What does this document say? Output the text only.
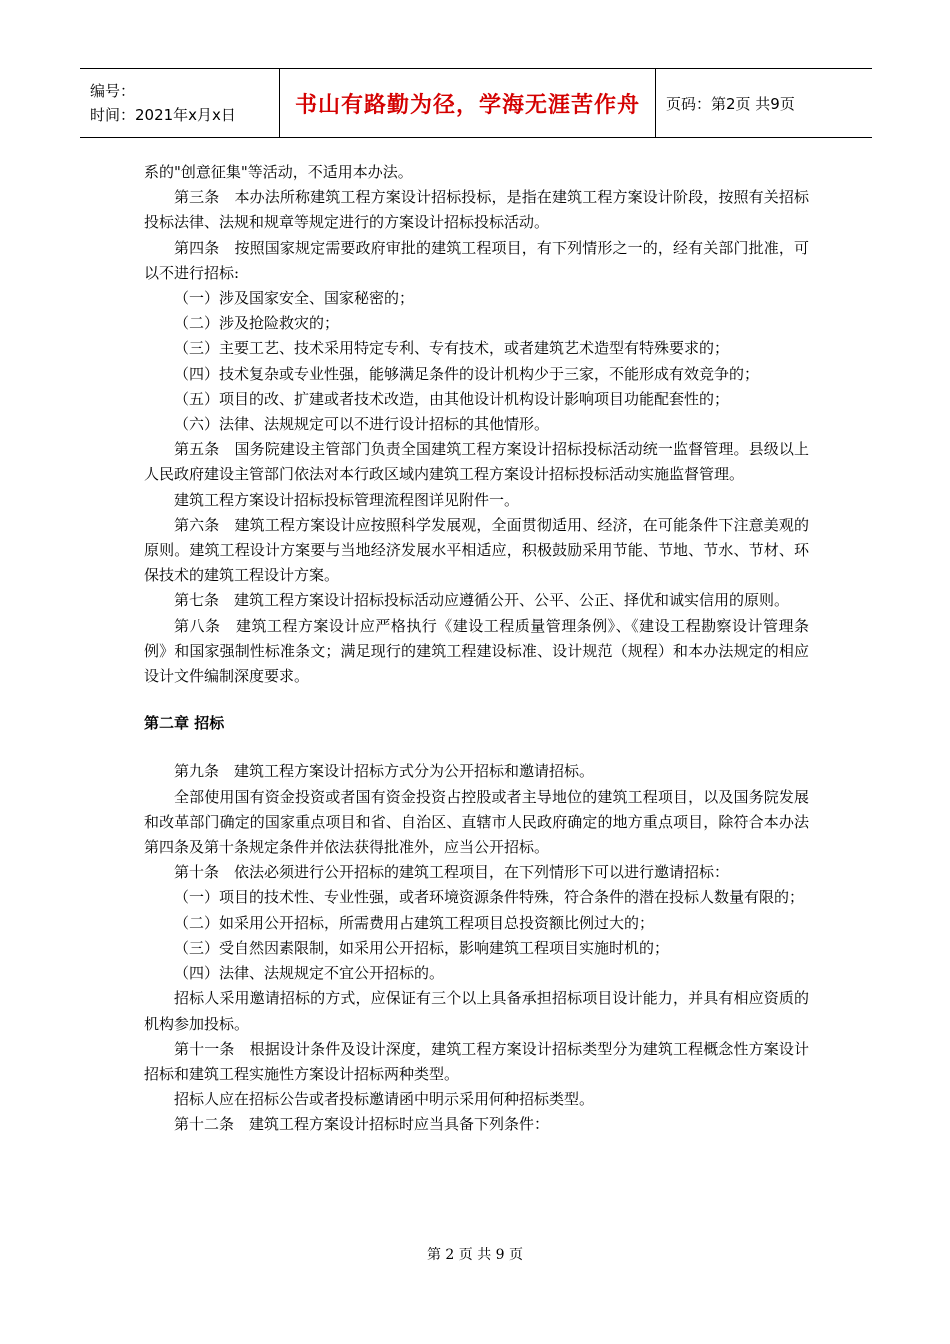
编号：
时间：2021年x月x日	书山有路勤为径，学海无涯苦作舟	页码：第2页 共9页

系的"创意征集"等活动，不适用本办法。

第三条　本办法所称建筑工程方案设计招标投标，是指在建筑工程方案设计阶段，按照有关招标投标法律、法规和规章等规定进行的方案设计招标投标活动。

第四条　按照国家规定需要政府审批的建筑工程项目，有下列情形之一的，经有关部门批准，可以不进行招标:

（一）涉及国家安全、国家秘密的；

（二）涉及抢险救灾的；

（三）主要工艺、技术采用特定专利、专有技术，或者建筑艺术造型有特殊要求的；

（四）技术复杂或专业性强，能够满足条件的设计机构少于三家，不能形成有效竞争的；

（五）项目的改、扩建或者技术改造，由其他设计机构设计影响项目功能配套性的；

（六）法律、法规规定可以不进行设计招标的其他情形。

第五条　国务院建设主管部门负责全国建筑工程方案设计招标投标活动统一监督管理。县级以上人民政府建设主管部门依法对本行政区域内建筑工程方案设计招标投标活动实施监督管理。

建筑工程方案设计招标投标管理流程图详见附件一。

第六条　建筑工程方案设计应按照科学发展观，全面贯彻适用、经济，在可能条件下注意美观的原则。建筑工程设计方案要与当地经济发展水平相适应，积极鼓励采用节能、节地、节水、节材、环保技术的建筑工程设计方案。

第七条　建筑工程方案设计招标投标活动应遵循公开、公平、公正、择优和诚实信用的原则。

第八条　建筑工程方案设计应严格执行《建设工程质量管理条例》、《建设工程勘察设计管理条例》和国家强制性标准条文；满足现行的建筑工程建设标准、设计规范（规程）和本办法规定的相应设计文件编制深度要求。

第二章 招标

第九条　建筑工程方案设计招标方式分为公开招标和邀请招标。

全部使用国有资金投资或者国有资金投资占控股或者主导地位的建筑工程项目，以及国务院发展和改革部门确定的国家重点项目和省、自治区、直辖市人民政府确定的地方重点项目，除符合本办法第四条及第十条规定条件并依法获得批准外，应当公开招标。

第十条　依法必须进行公开招标的建筑工程项目，在下列情形下可以进行邀请招标：

（一）项目的技术性、专业性强，或者环境资源条件特殊，符合条件的潜在投标人数量有限的；

（二）如采用公开招标，所需费用占建筑工程项目总投资额比例过大的；

（三）受自然因素限制，如采用公开招标，影响建筑工程项目实施时机的；

（四）法律、法规规定不宜公开招标的。

招标人采用邀请招标的方式，应保证有三个以上具备承担招标项目设计能力，并具有相应资质的机构参加投标。

第十一条　根据设计条件及设计深度，建筑工程方案设计招标类型分为建筑工程概念性方案设计招标和建筑工程实施性方案设计招标两种类型。

招标人应在招标公告或者投标邀请函中明示采用何种招标类型。

第十二条　建筑工程方案设计招标时应当具备下列条件：

第 2 页 共 9 页
